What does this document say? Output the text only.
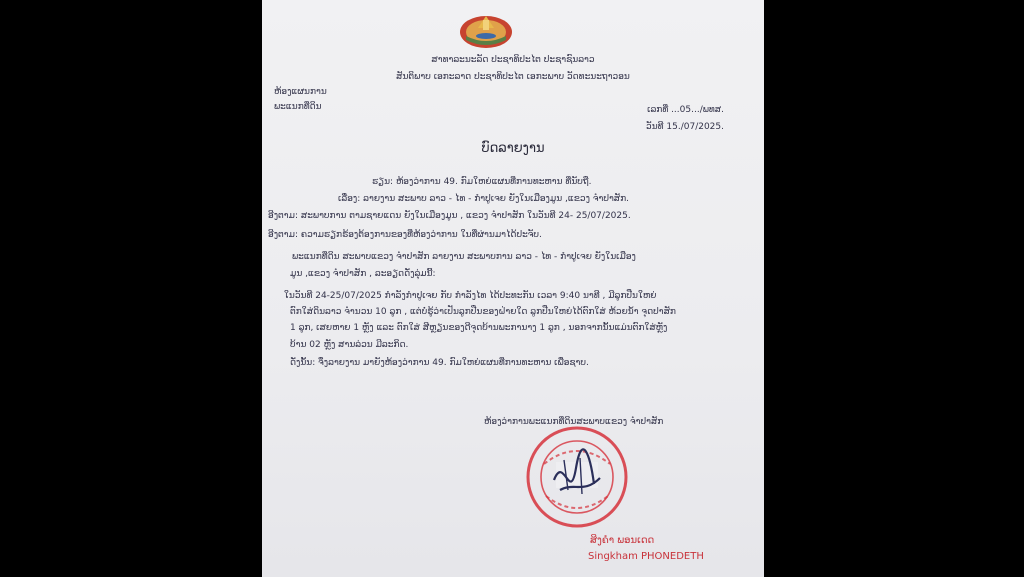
ສາທາລະນະລັດ ປະຊາທິປະໄຕ ປະຊາຊົນລາວ
ສັນຕິພາບ ເອກະລາດ ປະຊາທິປະໄຕ ເອກະພາບ ວັດທະນະຖາວອນ
ຫ້ອງແຜນການ
ພະແນກທີ່ດິນ	ເລກທີ່ ...05.../ພທສ.
ວັນທີ 15./07/2025.
ບົດລາຍງານ
ຮຽນ: ຫ້ອງວ່າການ 49. ກົມໃຫຍ່ແຜນທີ່ການທະຫານ ທີ່ນັບຖື.
ເລື່ອງ: ລາຍງານ ສະພາບ ລາວ - ໄທ - ກຳປູເຈຍ ຍັງໃນເມືອງມູນ ,ແຂວງ ຈຳປາສັກ.
ອີງຕາມ: ສະພາບການ ຕາມຊາຍແດນ ຍັງໃນເມືອງມູນ , ແຂວງ ຈຳປາສັກ ໃນວັນທີ 24- 25/07/2025.
ອີງຕາມ: ຄວາມຮຽກຮ້ອງຕ້ອງການຂອງທີ່ຫ້ອງວ່າການ ໃນທີ່ຜ່ານມາໄດ້ປະຈັບ.
ພະແນກທີ່ດິນ ສະພາບແຂວງ ຈຳປາສັກ ລາຍງານ ສະພາບການ ລາວ - ໄທ - ກຳປູເຈຍ ຍັງໃນເມືອງ
ມູນ ,ແຂວງ ຈຳປາສັກ , ລະອຽດດັ່ງລຸ່ມນີ້:
ໃນວັນທີ 24-25/07/2025 ກຳລັງກຳປູເຈຍ ກັບ ກຳລັງໄທ ໄດ້ປະທະກັນ ເວລາ 9:40 ນາທີ , ມີລູກປືນໃຫຍ່
ຕົກໃສ່ດິນລາວ ຈຳນວນ 10 ລູກ , ແຕ່ບໍ່ຮູ້ວ່າເປັນລູກປືນຂອງຝ່າຍໃດ ລູກປືນໃຫຍ່ໄດ້ຕົກໃສ່ ຫ້ວຍນ້ຳ ຈຸດປາສັກ
1 ລູກ, ເສຍຫາຍ 1 ຫຼັງ ແລະ ຕົກໃສ່ ສີຫຼຽນຂອງດີຈຸດບ້ານພະການາງ 1 ລູກ , ນອກຈາກນັ້ນແມ່ນຕົກໃສ່ຫຼັງ
ບ້ານ 02 ຫຼັງ ສານລ່ວນ ມີລະກິດ.
ດັ່ງນັ້ນ: ຈຶ່ງລາຍງານ ມາຍັງຫ້ອງວ່າການ 49. ກົມໃຫຍ່ແຜນທີ່ການທະຫານ ເພື່ອຊາບ.
ຫ້ອງວ່າການພະແນກທີ່ດິນສະພາບແຂວງ ຈຳປາສັກ
ສິງຄຳ ພອນເດດ
Singkham PHONEDETH
